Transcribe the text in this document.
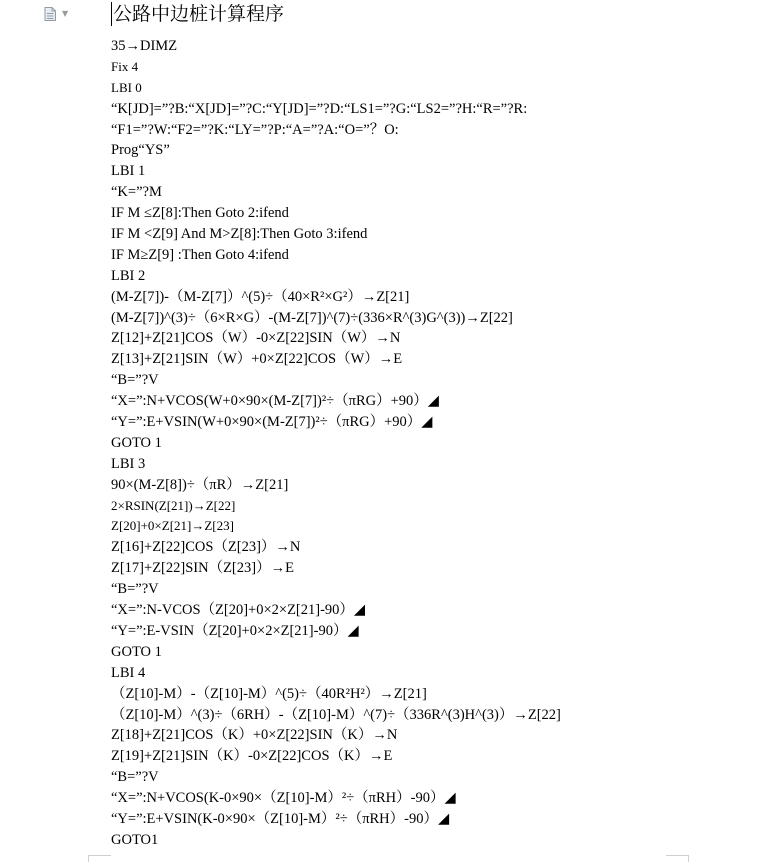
▼ 公路中边桩计算程序
35→DIMZ
Fix 4
LBI 0
“K[JD]=”?B:“X[JD]=”?C:“Y[JD]=”?D:“LS1=”?G:“LS2=”?H:“R=”?R:
“F1=”?W:“F2=”?K:“LY=”?P:“A=”?A:“O=”？O:
Prog“YS”
LBI 1
“K=”?M
IF M ≤Z[8]:Then Goto 2:ifend
IF M <Z[9] And M>Z[8]:Then Goto 3:ifend
IF M≥Z[9] :Then Goto 4:ifend
LBI 2
(M-Z[7])-（M-Z[7]）^(5)÷（40×R²×G²）→Z[21]
(M-Z[7])^(3)÷（6×R×G）-(M-Z[7])^(7)÷(336×R^(3)G^(3))→Z[22]
Z[12]+Z[21]COS（W）-0×Z[22]SIN（W）→N
Z[13]+Z[21]SIN（W）+0×Z[22]COS（W）→E
“B=”?V
“X=”:N+VCOS(W+0×90×(M-Z[7])²÷（πRG）+90）◢
“Y=”:E+VSIN(W+0×90×(M-Z[7])²÷（πRG）+90）◢
GOTO 1
LBI 3
90×(M-Z[8])÷（πR）→Z[21]
2×RSIN(Z[21])→Z[22]
Z[20]+0×Z[21]→Z[23]
Z[16]+Z[22]COS（Z[23]）→N
Z[17]+Z[22]SIN（Z[23]）→E
“B=”?V
“X=”:N-VCOS（Z[20]+0×2×Z[21]-90）◢
“Y=”:E-VSIN（Z[20]+0×2×Z[21]-90）◢
GOTO 1
LBI 4
（Z[10]-M）-（Z[10]-M）^(5)÷（40R²H²）→Z[21]
（Z[10]-M）^(3)÷（6RH）-（Z[10]-M）^(7)÷（336R^(3)H^(3)）→Z[22]
Z[18]+Z[21]COS（K）+0×Z[22]SIN（K）→N
Z[19]+Z[21]SIN（K）-0×Z[22]COS（K）→E
“B=”?V
“X=”:N+VCOS(K-0×90×（Z[10]-M）²÷（πRH）-90）◢
“Y=”:E+VSIN(K-0×90×（Z[10]-M）²÷（πRH）-90）◢
GOTO1
